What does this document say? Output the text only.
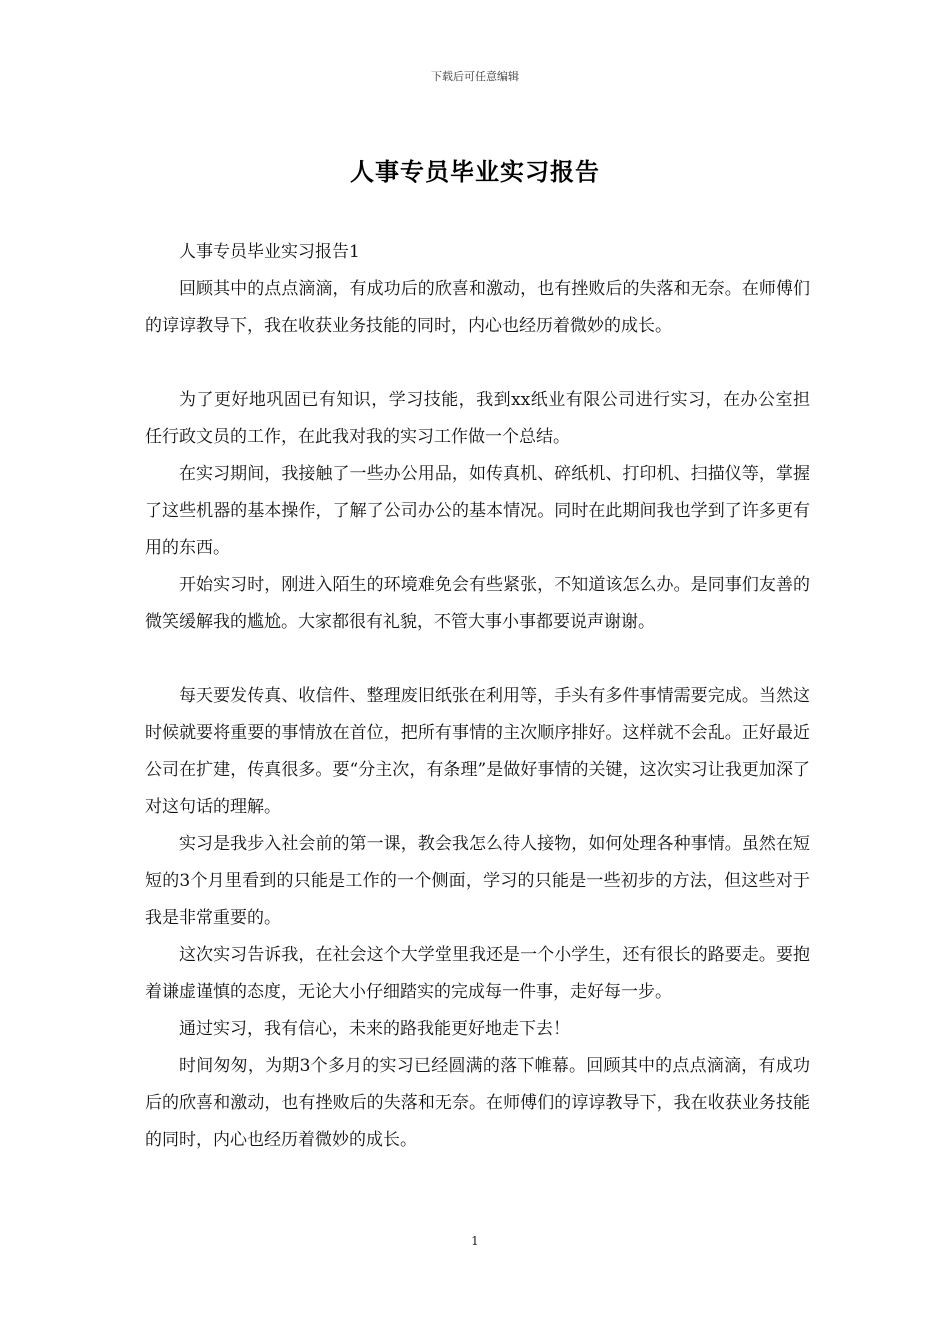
下载后可任意编辑
人事专员毕业实习报告

人事专员毕业实习报告1

回顾其中的点点滴滴，有成功后的欣喜和激动，也有挫败后的失落和无奈。在师傅们的谆谆教导下，我在收获业务技能的同时，内心也经历着微妙的成长。

为了更好地巩固已有知识，学习技能，我到xx纸业有限公司进行实习，在办公室担任行政文员的工作，在此我对我的实习工作做一个总结。

在实习期间，我接触了一些办公用品，如传真机、碎纸机、打印机、扫描仪等，掌握了这些机器的基本操作，了解了公司办公的基本情况。同时在此期间我也学到了许多更有用的东西。

开始实习时，刚进入陌生的环境难免会有些紧张，不知道该怎么办。是同事们友善的微笑缓解我的尴尬。大家都很有礼貌，不管大事小事都要说声谢谢。

每天要发传真、收信件、整理废旧纸张在利用等，手头有多件事情需要完成。当然这时候就要将重要的事情放在首位，把所有事情的主次顺序排好。这样就不会乱。正好最近公司在扩建，传真很多。要“分主次，有条理”是做好事情的关键，这次实习让我更加深了对这句话的理解。

实习是我步入社会前的第一课，教会我怎么待人接物，如何处理各种事情。虽然在短短的3个月里看到的只能是工作的一个侧面，学习的只能是一些初步的方法，但这些对于我是非常重要的。

这次实习告诉我，在社会这个大学堂里我还是一个小学生，还有很长的路要走。要抱着谦虚谨慎的态度，无论大小仔细踏实的完成每一件事，走好每一步。

通过实习，我有信心，未来的路我能更好地走下去！

时间匆匆，为期3个多月的实习已经圆满的落下帷幕。回顾其中的点点滴滴，有成功后的欣喜和激动，也有挫败后的失落和无奈。在师傅们的谆谆教导下，我在收获业务技能的同时，内心也经历着微妙的成长。

1
